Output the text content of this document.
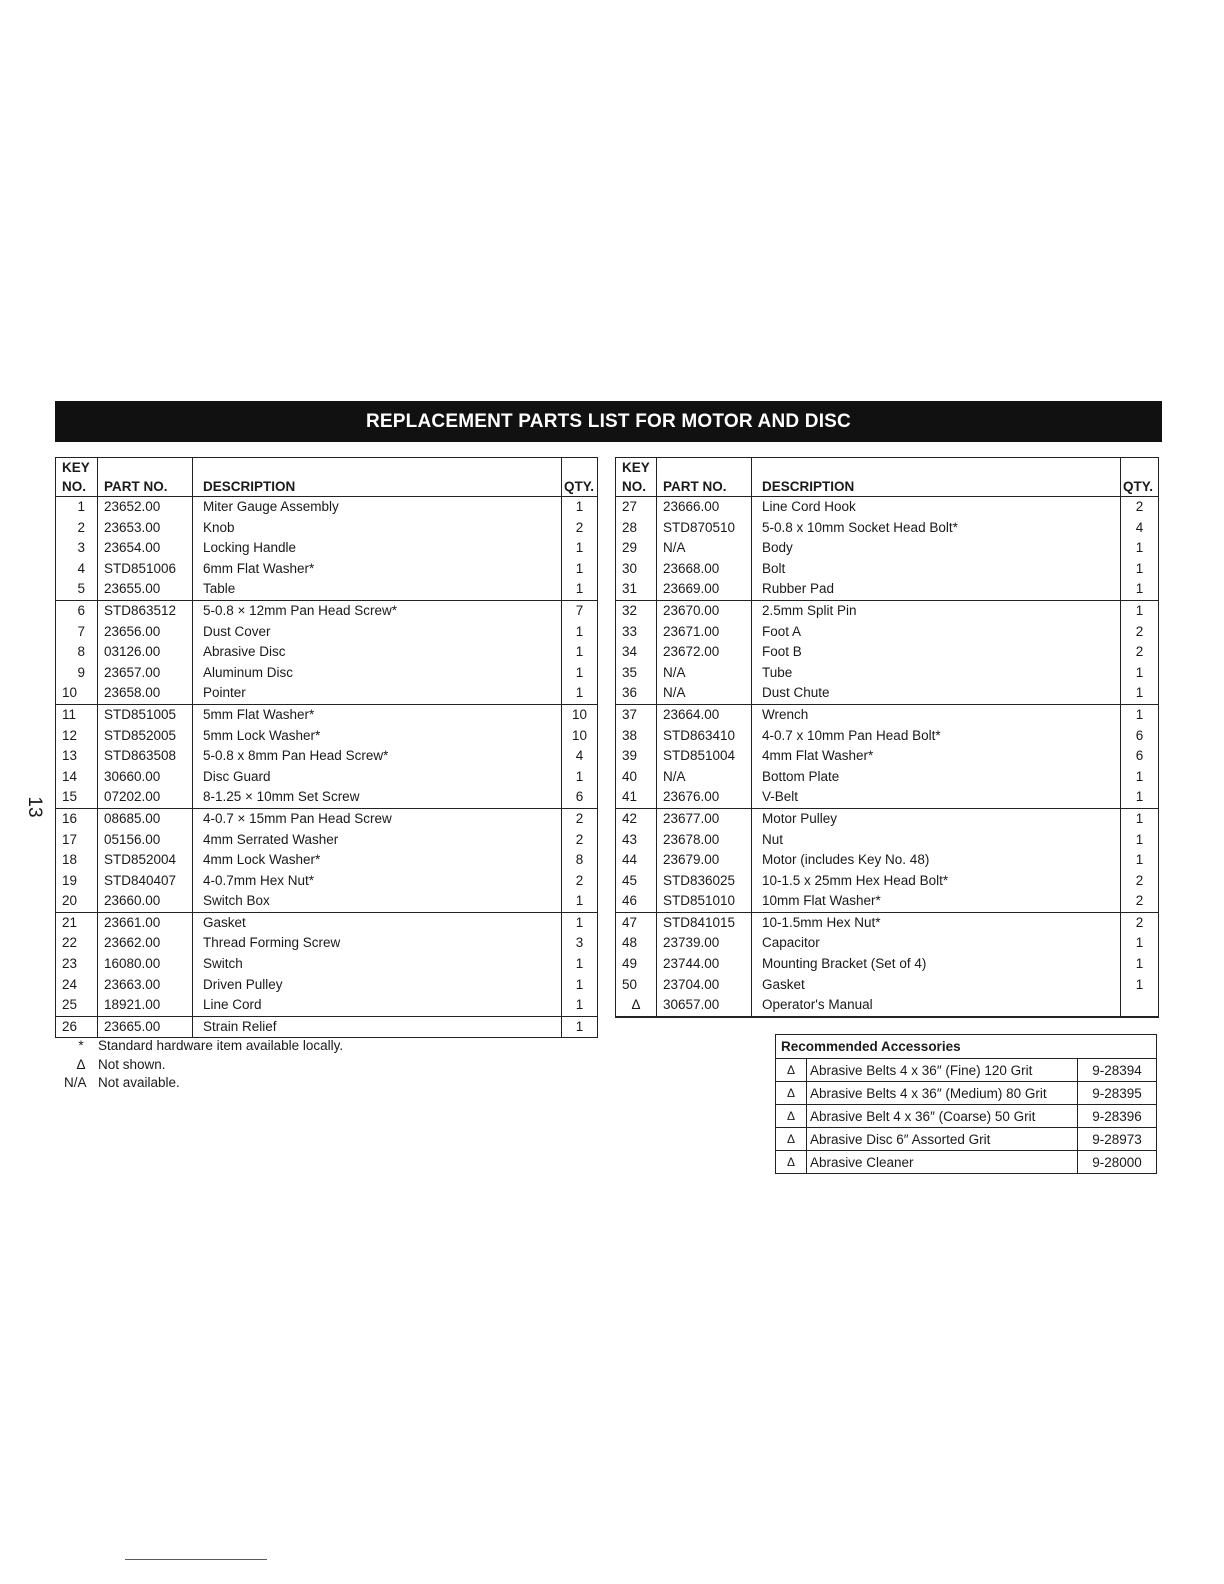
REPLACEMENT PARTS LIST FOR MOTOR AND DISC
13
KEY
NO.	PART NO.	DESCRIPTION	QTY.
1	23652.00	Miter Gauge Assembly	1
2	23653.00	Knob	2
3	23654.00	Locking Handle	1
4	STD851006	6mm Flat Washer*	1
5	23655.00	Table	1
6	STD863512	5-0.8 × 12mm Pan Head Screw*	7
7	23656.00	Dust Cover	1
8	03126.00	Abrasive Disc	1
9	23657.00	Aluminum Disc	1
10	23658.00	Pointer	1
11	STD851005	5mm Flat Washer*	10
12	STD852005	5mm Lock Washer*	10
13	STD863508	5-0.8 x 8mm Pan Head Screw*	4
14	30660.00	Disc Guard	1
15	07202.00	8-1.25 × 10mm Set Screw	6
16	08685.00	4-0.7 × 15mm Pan Head Screw	2
17	05156.00	4mm Serrated Washer	2
18	STD852004	4mm Lock Washer*	8
19	STD840407	4-0.7mm Hex Nut*	2
20	23660.00	Switch Box	1
21	23661.00	Gasket	1
22	23662.00	Thread Forming Screw	3
23	16080.00	Switch	1
24	23663.00	Driven Pulley	1
25	18921.00	Line Cord	1
26	23665.00	Strain Relief	1
KEY
NO.	PART NO.	DESCRIPTION	QTY.
27	23666.00	Line Cord Hook	2
28	STD870510	5-0.8 x 10mm Socket Head Bolt*	4
29	N/A	Body	1
30	23668.00	Bolt	1
31	23669.00	Rubber Pad	1
32	23670.00	2.5mm Split Pin	1
33	23671.00	Foot A	2
34	23672.00	Foot B	2
35	N/A	Tube	1
36	N/A	Dust Chute	1
37	23664.00	Wrench	1
38	STD863410	4-0.7 x 10mm Pan Head Bolt*	6
39	STD851004	4mm Flat Washer*	6
40	N/A	Bottom Plate	1
41	23676.00	V-Belt	1
42	23677.00	Motor Pulley	1
43	23678.00	Nut	1
44	23679.00	Motor (includes Key No. 48)	1
45	STD836025	10-1.5 x 25mm Hex Head Bolt*	2
46	STD851010	10mm Flat Washer*	2
47	STD841015	10-1.5mm Hex Nut*	2
48	23739.00	Capacitor	1
49	23744.00	Mounting Bracket (Set of 4)	1
50	23704.00	Gasket	1
Δ	30657.00	Operator's Manual	

*	Standard hardware item available locally.
Δ Not shown.
N/A Not available.
Recommended Accessories		
Δ	Abrasive Belts 4 x 36″ (Fine) 120 Grit	9-28394
Δ	Abrasive Belts 4 x 36″ (Medium) 80 Grit	9-28395
Δ	Abrasive Belt 4 x 36″ (Coarse) 50 Grit	9-28396
Δ	Abrasive Disc 6″ Assorted Grit	9-28973
Δ	Abrasive Cleaner	9-28000
